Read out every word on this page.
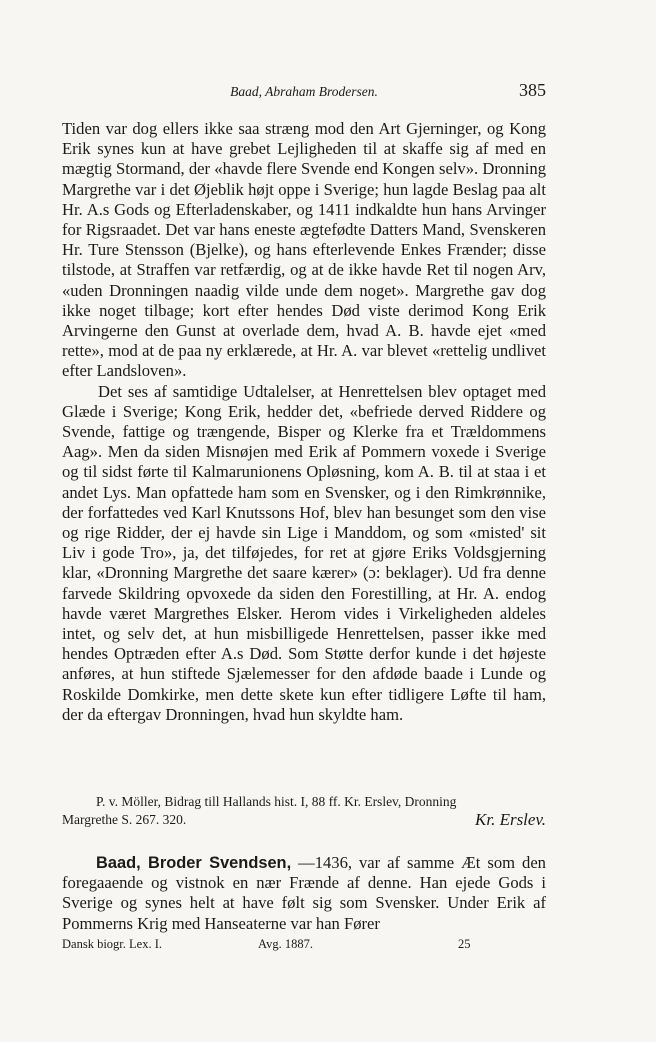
Baad, Abraham Brodersen.	385

Tiden var dog ellers ikke saa stræng mod den Art Gjerninger, og Kong Erik synes kun at have grebet Lejligheden til at skaffe sig af med en mægtig Stormand, der «havde flere Svende end Kongen selv». Dronning Margrethe var i det Øjeblik højt oppe i Sverige; hun lagde Beslag paa alt Hr. A.s Gods og Efterladenskaber, og 1411 indkaldte hun hans Arvinger for Rigsraadet. Det var hans eneste ægtefødte Datters Mand, Svenskeren Hr. Ture Stensson (Bjelke), og hans efterlevende Enkes Frænder; disse tilstode, at Straffen var retfærdig, og at de ikke havde Ret til nogen Arv, «uden Dronningen naadig vilde unde dem noget». Margrethe gav dog ikke noget tilbage; kort efter hendes Død viste derimod Kong Erik Arvingerne den Gunst at overlade dem, hvad A. B. havde ejet «med rette», mod at de paa ny erklærede, at Hr. A. var blevet «rettelig undlivet efter Landsloven».

Det ses af samtidige Udtalelser, at Henrettelsen blev optaget med Glæde i Sverige; Kong Erik, hedder det, «befriede derved Riddere og Svende, fattige og trængende, Bisper og Klerke fra et Trældommens Aag». Men da siden Misnøjen med Erik af Pommern voxede i Sverige og til sidst førte til Kalmarunionens Opløsning, kom A. B. til at staa i et andet Lys. Man opfattede ham som en Svensker, og i den Rimkrønnike, der forfattedes ved Karl Knutssons Hof, blev han besunget som den vise og rige Ridder, der ej havde sin Lige i Manddom, og som «misted' sit Liv i gode Tro», ja, det tilføjedes, for ret at gjøre Eriks Voldsgjerning klar, «Dronning Margrethe det saare kærer» (ɔ: beklager). Ud fra denne farvede Skildring opvoxede da siden den Forestilling, at Hr. A. endog havde været Margrethes Elsker. Herom vides i Virkeligheden aldeles intet, og selv det, at hun misbilligede Henrettelsen, passer ikke med hendes Optræden efter A.s Død. Som Støtte derfor kunde i det højeste anføres, at hun stiftede Sjælemesser for den afdøde baade i Lunde og Roskilde Domkirke, men dette skete kun efter tidligere Løfte til ham, der da eftergav Dronningen, hvad hun skyldte ham.

P. v. Möller, Bidrag till Hallands hist. I, 88 ff. Kr. Erslev, Dronning
Margrethe S. 267. 320.	Kr. Erslev.

Baad, Broder Svendsen, —1436, var af samme Æt som den foregaaende og vistnok en nær Frænde af denne. Han ejede Gods i Sverige og synes helt at have følt sig som Svensker. Under Erik af Pommerns Krig med Hanseaterne var han Fører

Dansk biogr. Lex. I.	Avg. 1887.	25
